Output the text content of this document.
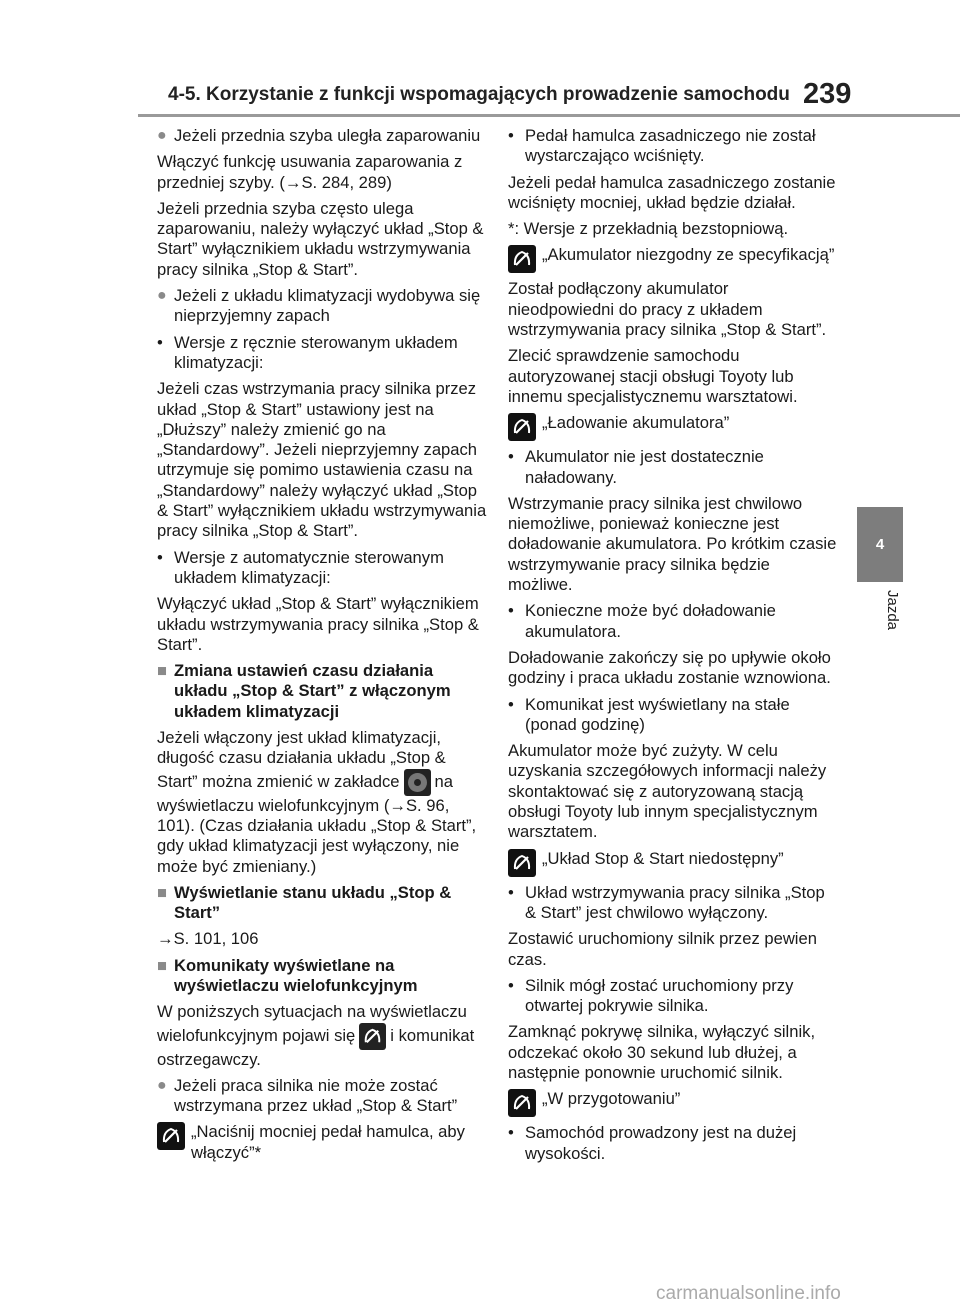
4-5. Korzystanie z funkcji wspomagających prowadzenie samochodu 239
4
Jazda
● Jeżeli przednia szyba uległa zaparowaniu

Włączyć funkcję usuwania zaparowania z przedniej szyby. (→S. 284, 289)

Jeżeli przednia szyba często ulega zaparowaniu, należy wyłączyć układ „Stop & Start” wyłącznikiem układu wstrzymywania pracy silnika „Stop & Start”.

● Jeżeli z układu klimatyzacji wydobywa się nieprzyjemny zapach
• Wersje z ręcznie sterowanym układem klimatyzacji:

Jeżeli czas wstrzymania pracy silnika przez układ „Stop & Start” ustawiony jest na „Dłuższy” należy zmienić go na „Standardowy”. Jeżeli nieprzyjemny zapach utrzymuje się pomimo ustawienia czasu na „Standardowy” należy wyłączyć układ „Stop & Start” wyłącznikiem układu wstrzymywania pracy silnika „Stop & Start”.

• Wersje z automatycznie sterowanym układem klimatyzacji:

Wyłączyć układ „Stop & Start” wyłącznikiem układu wstrzymywania pracy silnika „Stop & Start”.

■ Zmiana ustawień czasu działania układu „Stop & Start” z włączonym układem klimatyzacji

Jeżeli włączony jest układ klimatyzacji, długość czasu działania układu „Stop & Start” można zmienić w zakładce na wyświetlaczu wielofunkcyjnym (→S. 96, 101). (Czas działania układu „Stop & Start”, gdy układ klimatyzacji jest wyłączony, nie może być zmieniany.)

■ Wyświetlanie stanu układu „Stop & Start”

→S. 101, 106

■ Komunikaty wyświetlane na wyświetlaczu wielofunkcyjnym

W poniższych sytuacjach na wyświetlaczu wielofunkcyjnym pojawi się i komunikat ostrzegawczy.

● Jeżeli praca silnika nie może zostać wstrzymana przez układ „Stop & Start”
„Naciśnij mocniej pedał hamulca, aby włączyć”*
• Pedał hamulca zasadniczego nie został wystarczająco wciśnięty.

Jeżeli pedał hamulca zasadniczego zostanie wciśnięty mocniej, układ będzie działał.

*: Wersje z przekładnią bezstopniową.

„Akumulator niezgodny ze specyfikacją”

Został podłączony akumulator nieodpowiedni do pracy z układem wstrzymywania pracy silnika „Stop & Start”.

Zlecić sprawdzenie samochodu autoryzowanej stacji obsługi Toyoty lub innemu specjalistycznemu warsztatowi.

„Ładowanie akumulatora”
• Akumulator nie jest dostatecznie naładowany.

Wstrzymanie pracy silnika jest chwilowo niemożliwe, ponieważ konieczne jest doładowanie akumulatora. Po krótkim czasie wstrzymywanie pracy silnika będzie możliwe.

• Konieczne może być doładowanie akumulatora.

Doładowanie zakończy się po upływie około godziny i praca układu zostanie wznowiona.

• Komunikat jest wyświetlany na stałe (ponad godzinę)

Akumulator może być zużyty. W celu uzyskania szczegółowych informacji należy skontaktować się z autoryzowaną stacją obsługi Toyoty lub innym specjalistycznym warsztatem.

„Układ Stop & Start niedostępny”
• Układ wstrzymywania pracy silnika „Stop & Start” jest chwilowo wyłączony.

Zostawić uruchomiony silnik przez pewien czas.

• Silnik mógł zostać uruchomiony przy otwartej pokrywie silnika.

Zamknąć pokrywę silnika, wyłączyć silnik, odczekać około 30 sekund lub dłużej, a następnie ponownie uruchomić silnik.

„W przygotowaniu”
• Samochód prowadzony jest na dużej wysokości.
carmanualsonline.info
